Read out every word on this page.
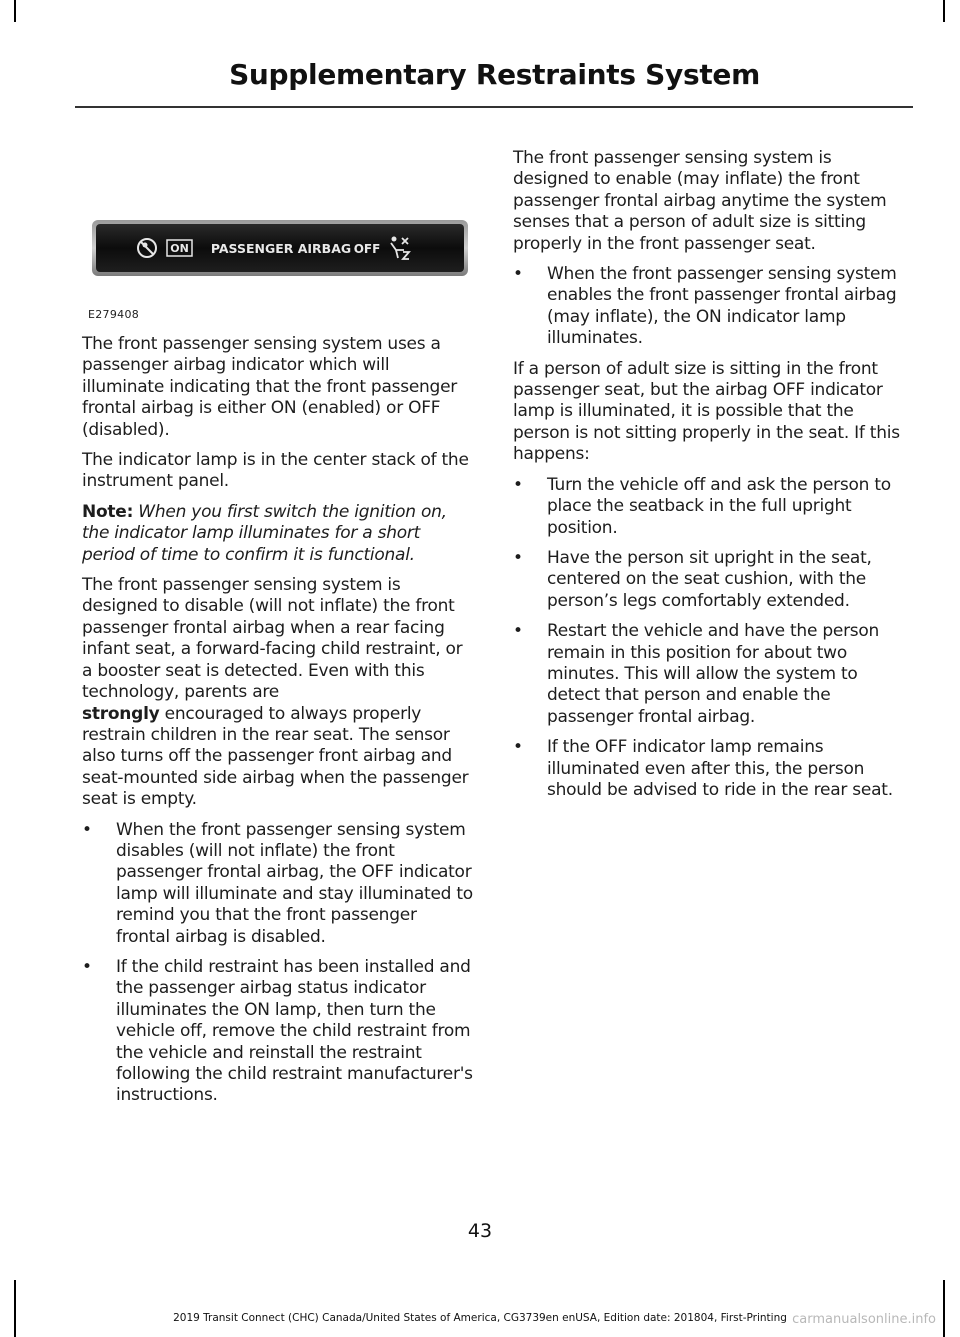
Supplementary Restraints System
ON PASSENGER AIRBAG OFF
E279408

The front passenger sensing system uses a passenger airbag indicator which will illuminate indicating that the front passenger frontal airbag is either ON (enabled) or OFF (disabled).

The indicator lamp is in the center stack of the instrument panel.

Note: When you first switch the ignition on, the indicator lamp illuminates for a short period of time to confirm it is functional.

The front passenger sensing system is designed to disable (will not inflate) the front passenger frontal airbag when a rear facing infant seat, a forward-facing child restraint, or a booster seat is detected. Even with this technology, parents are
strongly encouraged to always properly restrain children in the rear seat. The sensor also turns off the passenger front airbag and seat-mounted side airbag when the passenger seat is empty.

• When the front passenger sensing system disables (will not inflate) the front passenger frontal airbag, the OFF indicator lamp will illuminate and stay illuminated to remind you that the front passenger frontal airbag is disabled.
• If the child restraint has been installed and the passenger airbag status indicator illuminates the ON lamp, then turn the vehicle off, remove the child restraint from the vehicle and reinstall the restraint following the child restraint manufacturer's instructions.

The front passenger sensing system is designed to enable (may inflate) the front passenger frontal airbag anytime the system senses that a person of adult size is sitting properly in the front passenger seat.

• When the front passenger sensing system enables the front passenger frontal airbag (may inflate), the ON indicator lamp illuminates.

If a person of adult size is sitting in the front passenger seat, but the airbag OFF indicator lamp is illuminated, it is possible that the person is not sitting properly in the seat. If this happens:

• Turn the vehicle off and ask the person to place the seatback in the full upright position.
• Have the person sit upright in the seat, centered on the seat cushion, with the person’s legs comfortably extended.
• Restart the vehicle and have the person remain in this position for about two minutes. This will allow the system to detect that person and enable the passenger frontal airbag.
• If the OFF indicator lamp remains illuminated even after this, the person should be advised to ride in the rear seat.
43
2019 Transit Connect (CHC) Canada/United States of America, CG3739en enUSA, Edition date: 201804, First-Printing carmanualsonline.info
